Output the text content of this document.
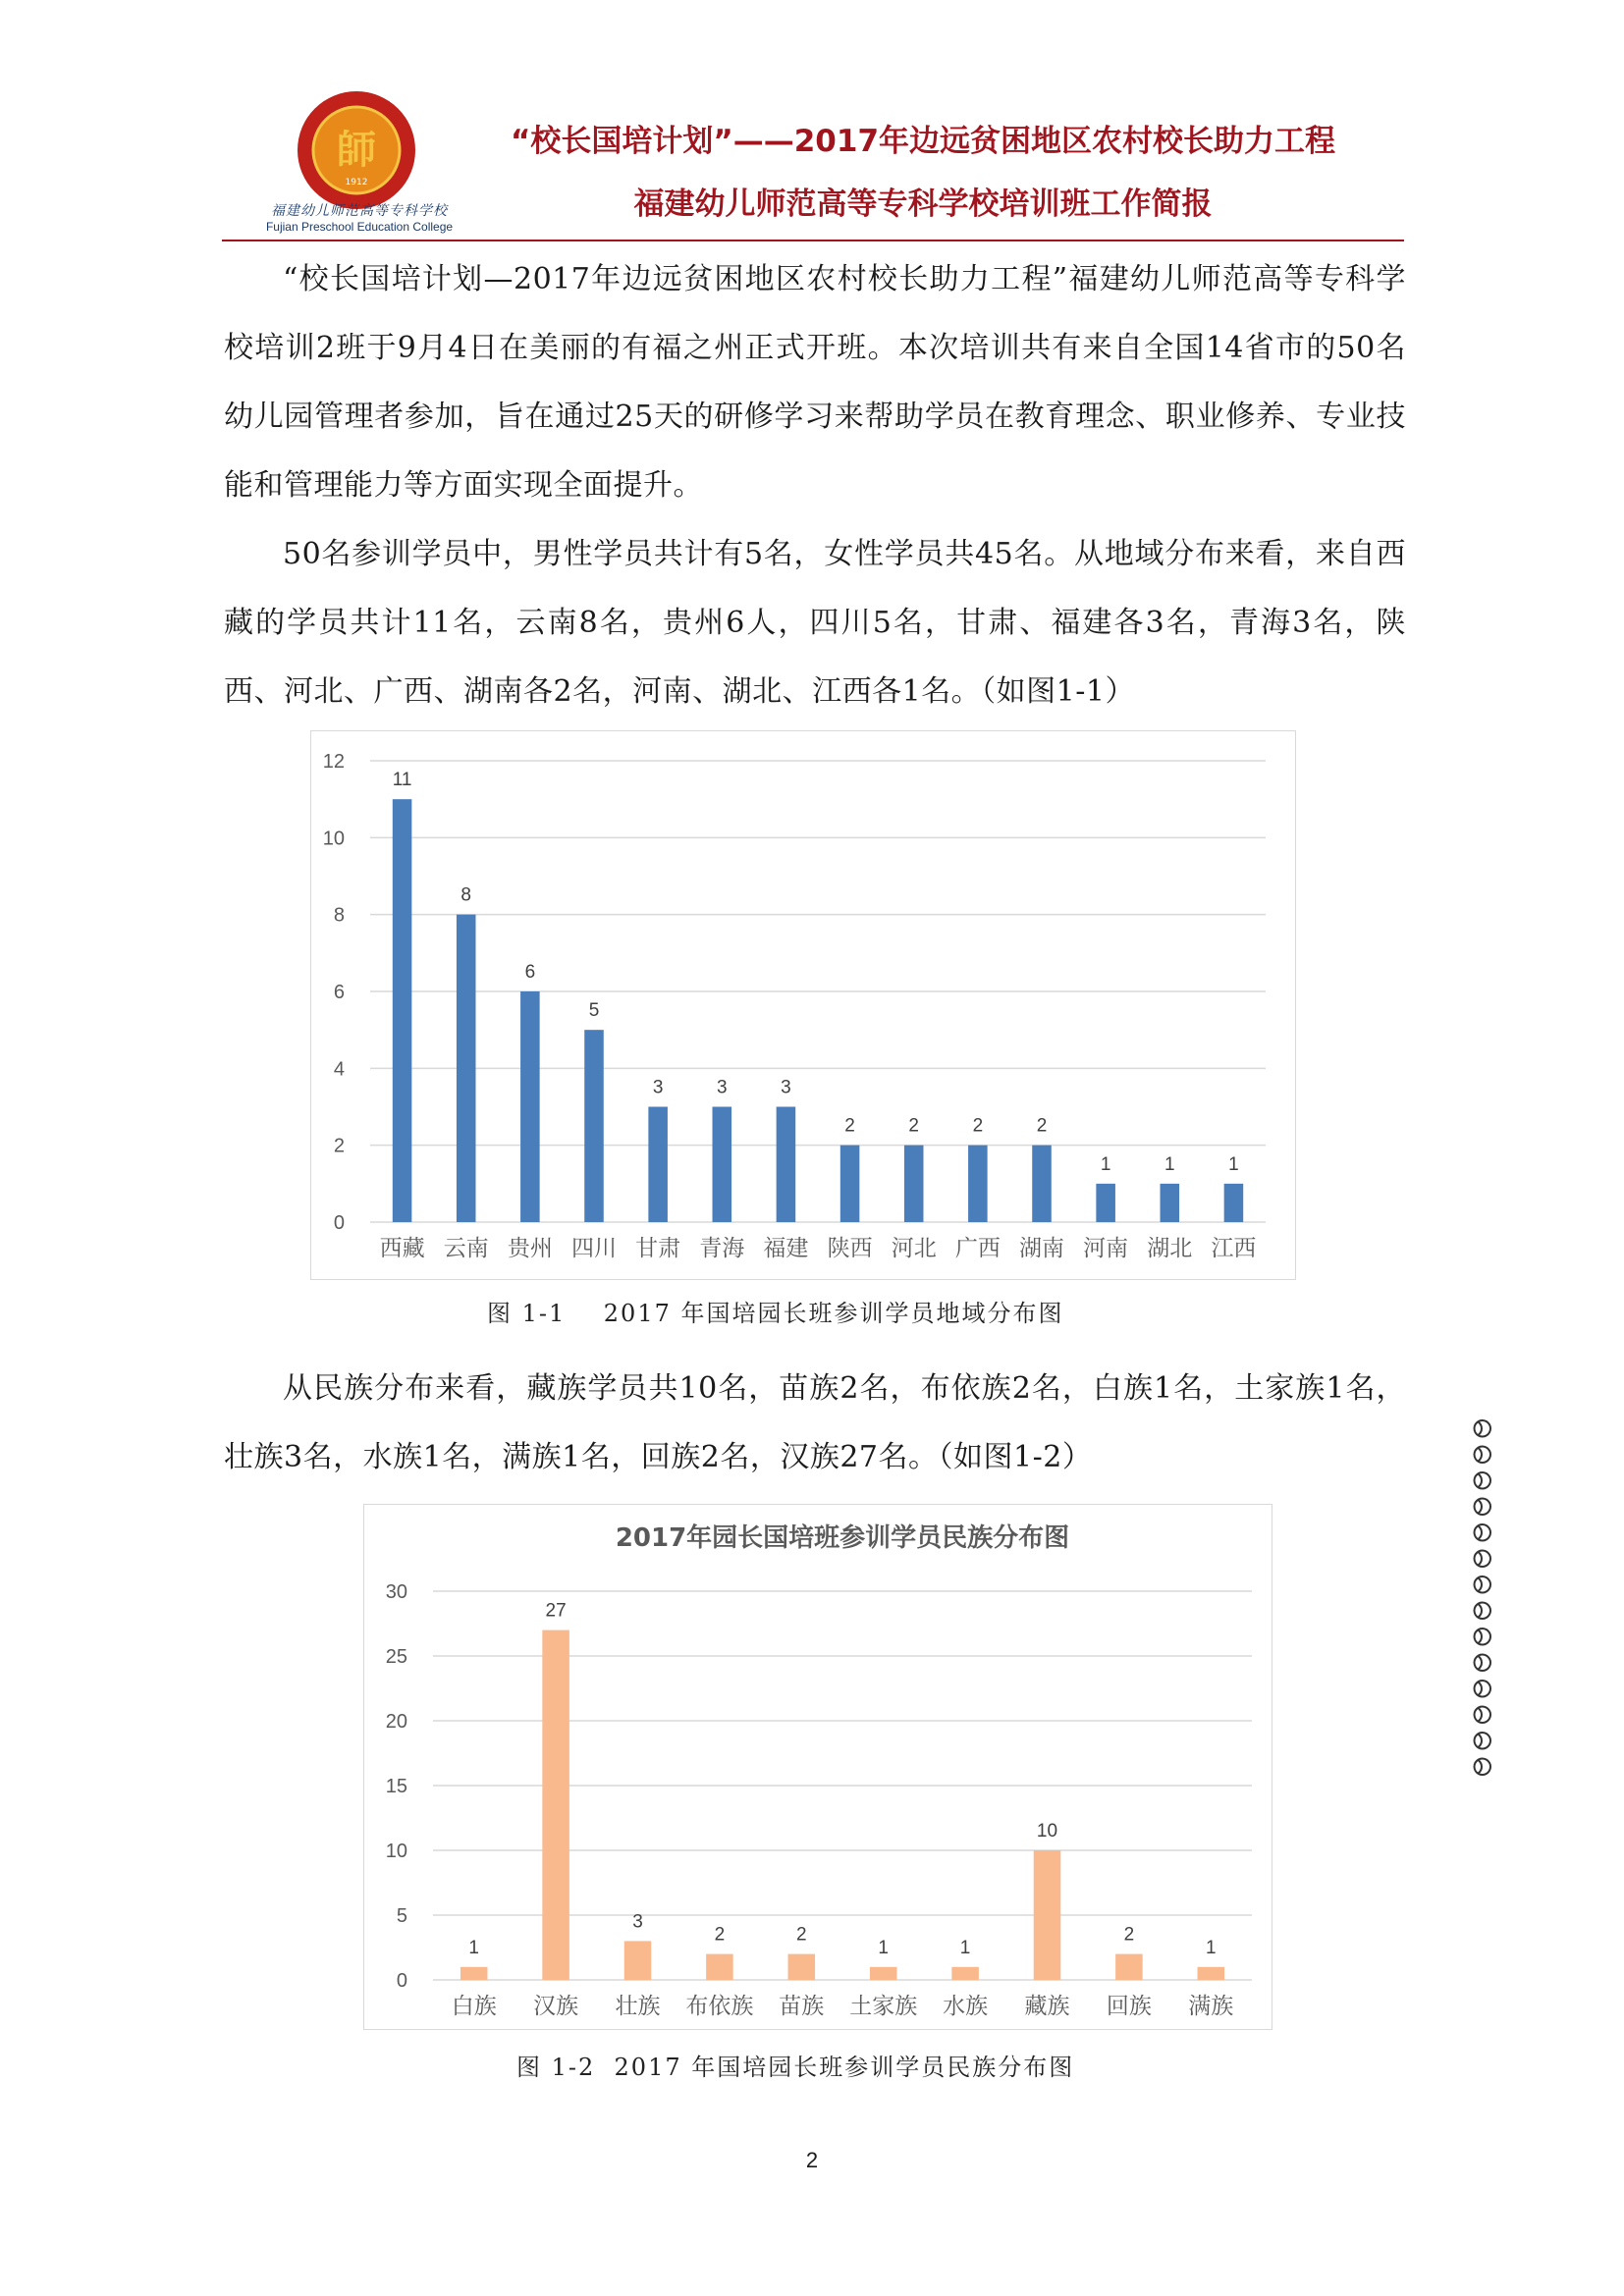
師
1912
福建幼儿师范高等专科学校
Fujian Preschool Education College
“校长国培计划”——2017年边远贫困地区农村校长助力工程
福建幼儿师范高等专科学校培训班工作简报

“校长国培计划—2017年边远贫困地区农村校长助力工程”福建幼儿师范高等专科学校培训2班于9月4日在美丽的有福之州正式开班。本次培训共有来自全国14省市的50名幼儿园管理者参加，旨在通过25天的研修学习来帮助学员在教育理念、职业修养、专业技能和管理能力等方面实现全面提升。

50名参训学员中，男性学员共计有5名，女性学员共45名。从地域分布来看，来自西藏的学员共计11名，云南8名，贵州6人，四川5名，甘肃、福建各3名，青海3名，陕西、河北、广西、湖南各2名，河南、湖北、江西各1名。（如图1-1）

0
2
4
6
8
10
12
11
西藏
8
云南
6
贵州
5
四川
3
甘肃
3
青海
3
福建
2
陕西
2
河北
2
广西
2
湖南
1
河南
1
湖北
1
江西
图 1-1    2017 年国培园长班参训学员地域分布图

从民族分布来看，藏族学员共10名，苗族2名，布依族2名，白族1名，土家族1名，壮族3名，水族1名，满族1名，回族2名，汉族27名。（如图1-2）

2017年园长国培班参训学员民族分布图
0
5
10
15
20
25
30
1
白族
27
汉族
3
壮族
2
布依族
2
苗族
1
土家族
1
水族
10
藏族
2
回族
1
满族
图 1-2  2017 年国培园长班参训学员民族分布图
2
ဓဓဓဓဓဓဓဓဓဓဓဓဓဓ
